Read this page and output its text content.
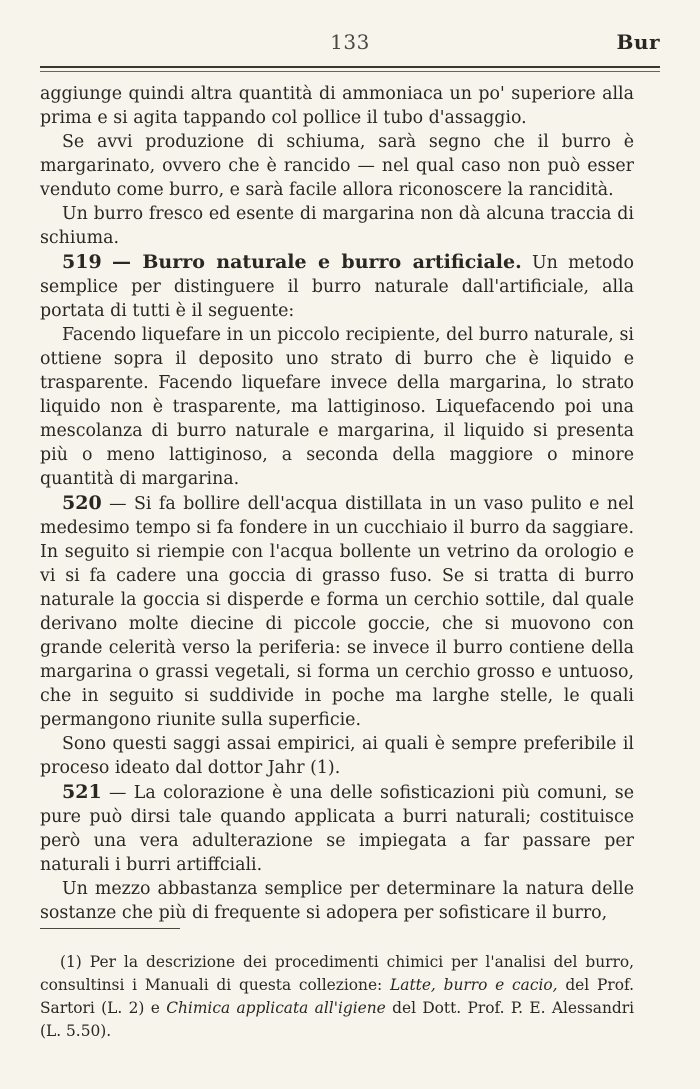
133	Bur

aggiunge quindi altra quantità di ammoniaca un po' superiore alla prima e si agita tappando col pollice il tubo d'assaggio.

Se avvi produzione di schiuma, sarà segno che il burro è margarinato, ovvero che è rancido — nel qual caso non può esser venduto come burro, e sarà facile allora riconoscere la rancidità.

Un burro fresco ed esente di margarina non dà alcuna traccia di schiuma.

519 — Burro naturale e burro artificiale. Un metodo semplice per distinguere il burro naturale dall'artificiale, alla portata di tutti è il seguente:

Facendo liquefare in un piccolo recipiente, del burro naturale, si ottiene sopra il deposito uno strato di burro che è liquido e trasparente. Facendo liquefare invece della margarina, lo strato liquido non è trasparente, ma lattiginoso. Liquefacendo poi una mescolanza di burro naturale e margarina, il liquido si presenta più o meno lattiginoso, a seconda della maggiore o minore quantità di margarina.

520 — Si fa bollire dell'acqua distillata in un vaso pulito e nel medesimo tempo si fa fondere in un cucchiaio il burro da saggiare. In seguito si riempie con l'acqua bollente un vetrino da orologio e vi si fa cadere una goccia di grasso fuso. Se si tratta di burro naturale la goccia si disperde e forma un cerchio sottile, dal quale derivano molte diecine di piccole goccie, che si muovono con grande celerità verso la periferia: se invece il burro contiene della margarina o grassi vegetali, si forma un cerchio grosso e untuoso, che in seguito si suddivide in poche ma larghe stelle, le quali permangono riunite sulla superficie.

Sono questi saggi assai empirici, ai quali è sempre preferibile il proceso ideato dal dottor Jahr (1).

521 — La colorazione è una delle sofisticazioni più comuni, se pure può dirsi tale quando applicata a burri naturali; costituisce però una vera adulterazione se impiegata a far passare per naturali i burri artiffciali.

Un mezzo abbastanza semplice per determinare la natura delle sostanze che più di frequente si adopera per sofisticare il burro,

(1) Per la descrizione dei procedimenti chimici per l'analisi del burro, consultinsi i Manuali di questa collezione: Latte, burro e cacio, del Prof. Sartori (L. 2) e Chimica applicata all'igiene del Dott. Prof. P. E. Alessandri (L. 5.50).
